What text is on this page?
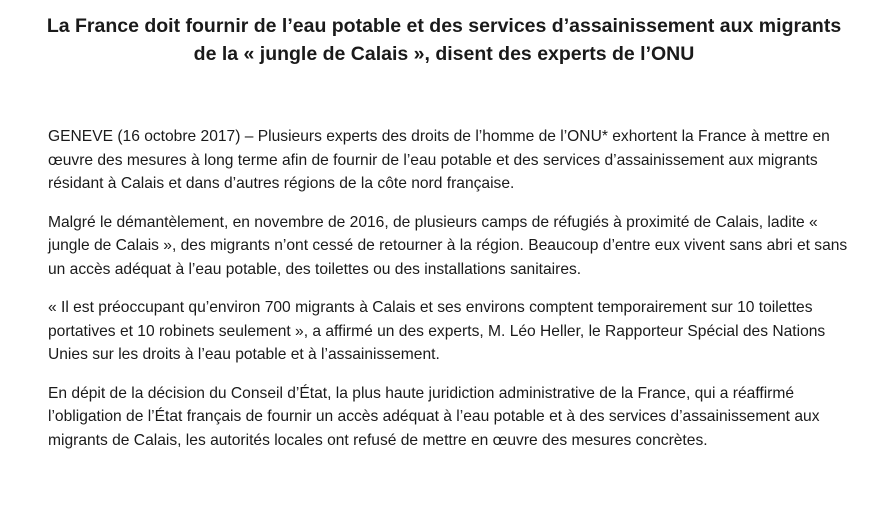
La France doit fournir de l’eau potable et des services d’assainissement aux migrants de la « jungle de Calais », disent des experts de l’ONU

GENEVE (16 octobre 2017) – Plusieurs experts des droits de l’homme de l’ONU* exhortent la France à mettre en œuvre des mesures à long terme afin de fournir de l’eau potable et des services d’assainissement aux migrants résidant à Calais et dans d’autres régions de la côte nord française.

Malgré le démantèlement, en novembre de 2016, de plusieurs camps de réfugiés à proximité de Calais, ladite « jungle de Calais », des migrants n’ont cessé de retourner à la région. Beaucoup d’entre eux vivent sans abri et sans un accès adéquat à l’eau potable, des toilettes ou des installations sanitaires.

« Il est préoccupant qu’environ 700 migrants à Calais et ses environs comptent temporairement sur 10 toilettes portatives et 10 robinets seulement », a affirmé un des experts, M. Léo Heller, le Rapporteur Spécial des Nations Unies sur les droits à l’eau potable et à l’assainissement.

En dépit de la décision du Conseil d’État, la plus haute juridiction administrative de la France, qui a réaffirmé l’obligation de l’État français de fournir un accès adéquat à l’eau potable et à des services d’assainissement aux migrants de Calais, les autorités locales ont refusé de mettre en œuvre des mesures concrètes.
